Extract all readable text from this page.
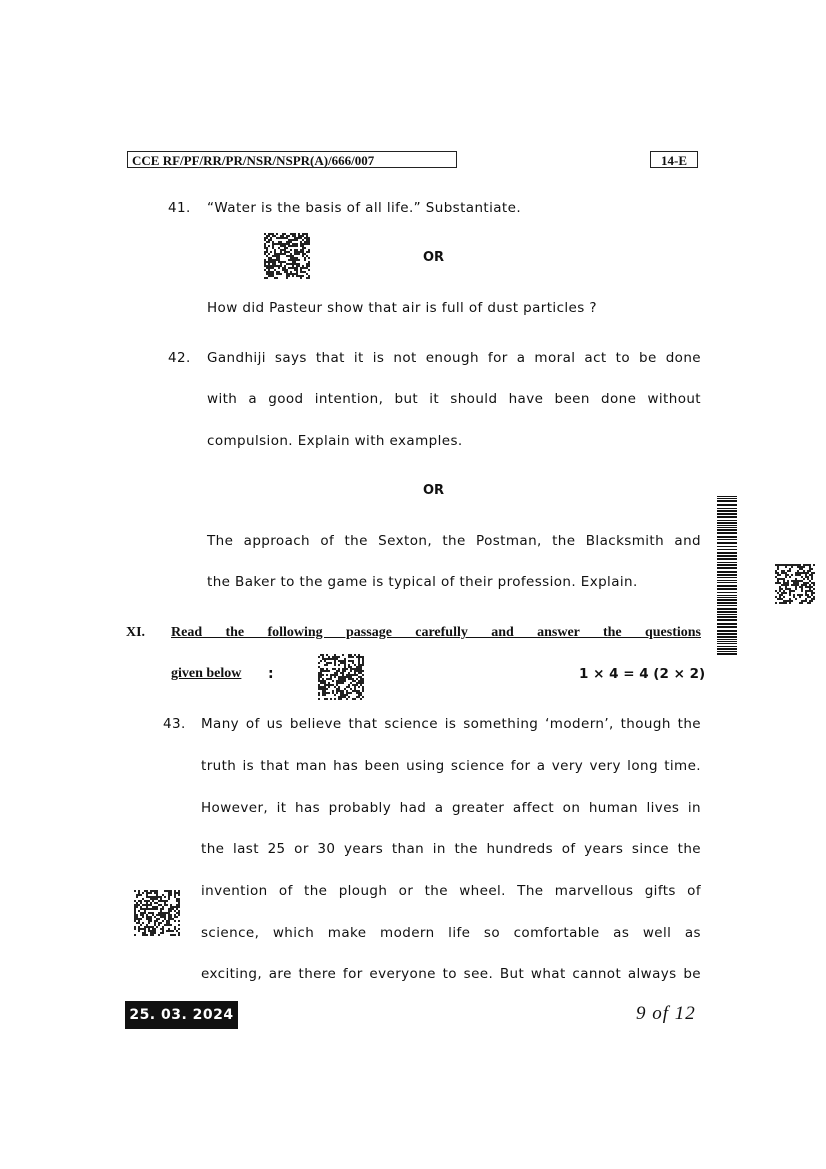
CCE RF/PF/RR/PR/NSR/NSPR(A)/666/007	14-E
41. “Water is the basis of all life.” Substantiate.
OR
How did Pasteur show that air is full of dust particles ?
42. Gandhiji says that it is not enough for a moral act to be done
with a good intention, but it should have been done without
compulsion. Explain with examples.
OR
The approach of the Sexton, the Postman, the Blacksmith and
the Baker to the game is typical of their profession. Explain.
XI. Read the following passage carefully and answer the questions
given below :	1 × 4 = 4 (2 × 2)
43. Many of us believe that science is something ‘modern’, though the
truth is that man has been using science for a very very long time.
However, it has probably had a greater affect on human lives in
the last 25 or 30 years than in the hundreds of years since the
invention of the plough or the wheel. The marvellous gifts of
science, which make modern life so comfortable as well as
exciting, are there for everyone to see. But what cannot always be
25. 03. 2024	9 of 12
